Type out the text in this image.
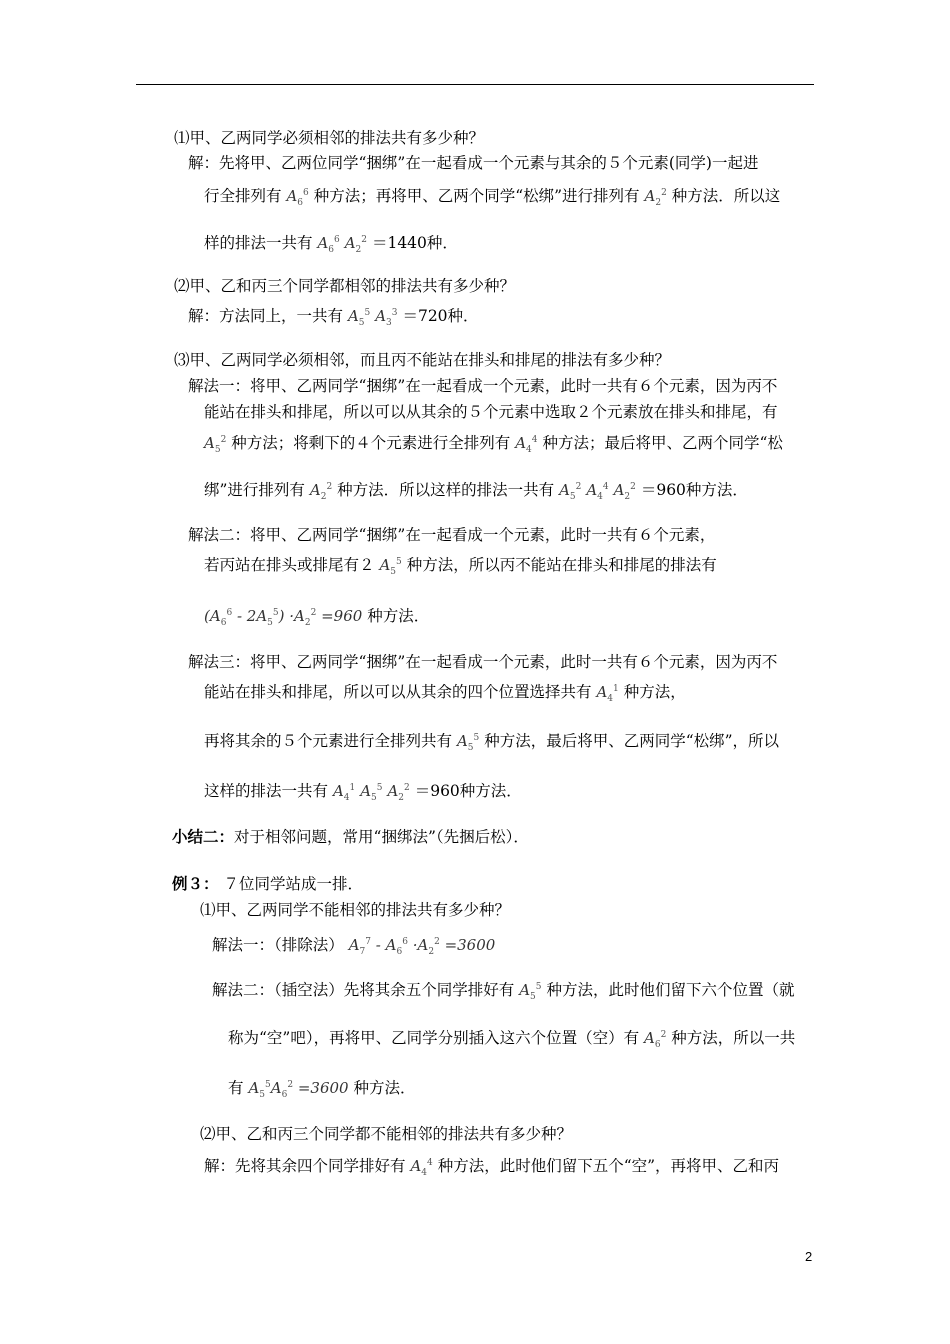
⑴甲、乙两同学必须相邻的排法共有多少种？
解：先将甲、乙两位同学“捆绑”在一起看成一个元素与其余的５个元素(同学)一起进
行全排列有 $A_6^6$ 种方法；再将甲、乙两个同学“松绑”进行排列有 $A_2^2$ 种方法．所以这
样的排法一共有 $A_6^6$ $A_2^2 =1440$种．
⑵甲、乙和丙三个同学都相邻的排法共有多少种？
解：方法同上，一共有 $A_5^5$ $A_3^3 =720$种．
⑶甲、乙两同学必须相邻，而且丙不能站在排头和排尾的排法有多少种？
解法一：将甲、乙两同学“捆绑”在一起看成一个元素，此时一共有６个元素，因为丙不
能站在排头和排尾，所以可以从其余的５个元素中选取２个元素放在排头和排尾，有
$A_5^2$ 种方法；将剩下的４个元素进行全排列有 $A_4^4$ 种方法；最后将甲、乙两个同学“松
绑”进行排列有 $A_2^2$ 种方法．所以这样的排法一共有 $A_5^2$ $A_4^4$ $A_2^2 =960$种方法．
解法二：将甲、乙两同学“捆绑”在一起看成一个元素，此时一共有６个元素，
若丙站在排头或排尾有２ $A_5^5$ 种方法，所以丙不能站在排头和排尾的排法有
$(A_6^6 - 2A_5^5) \cdot A_2^2 =960$ 种方法．
解法三：将甲、乙两同学“捆绑”在一起看成一个元素，此时一共有６个元素，因为丙不
能站在排头和排尾，所以可以从其余的四个位置选择共有 $A_4^1$ 种方法，
再将其余的５个元素进行全排列共有 $A_5^5$ 种方法，最后将甲、乙两同学“松绑”，所以
这样的排法一共有 $A_4^1$ $A_5^5$ $A_2^2 =960$种方法．
小结二：对于相邻问题，常用“捆绑法”（先捆后松）．
例３： ７位同学站成一排．
⑴甲、乙两同学不能相邻的排法共有多少种？
解法一：（排除法） $A_7^7 - A_6^6 \cdot A_2^2 =3600$
解法二：（插空法）先将其余五个同学排好有 $A_5^5$ 种方法，此时他们留下六个位置（就
称为“空”吧），再将甲、乙同学分别插入这六个位置（空）有 $A_6^2$ 种方法，所以一共
有 $A_5^5A_6^2 =3600$ 种方法．
⑵甲、乙和丙三个同学都不能相邻的排法共有多少种？
解：先将其余四个同学排好有 $A_4^4$ 种方法，此时他们留下五个“空”，再将甲、乙和丙
2
